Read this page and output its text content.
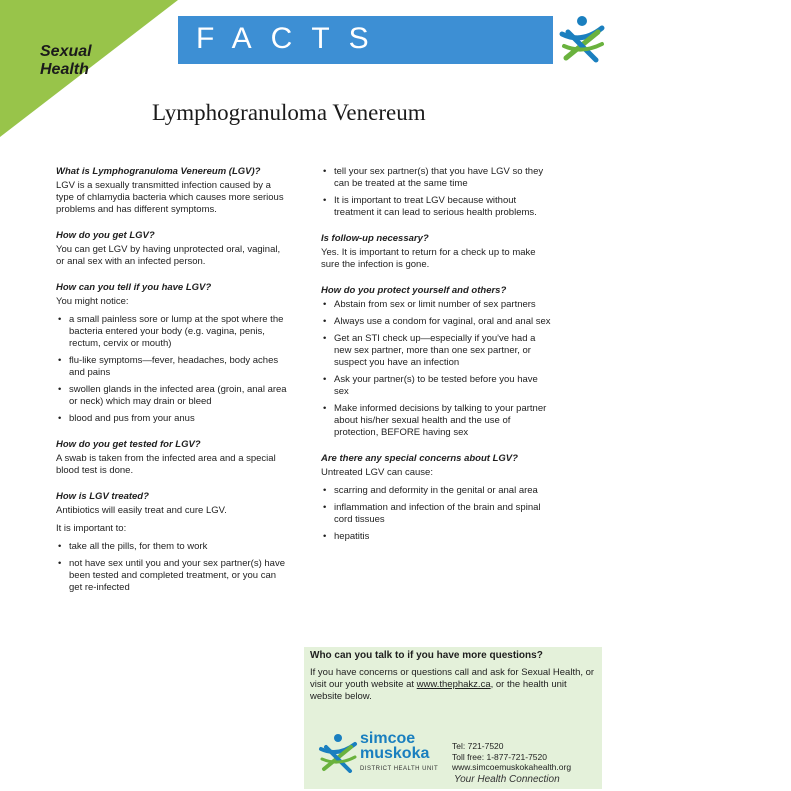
Sexual
Health
FACTS
Lymphogranuloma Venereum
What is Lymphogranuloma Venereum (LGV)?
LGV is a sexually transmitted infection caused by a type of chlamydia bacteria which causes more serious problems and has different symptoms.
How do you get LGV?
You can get LGV by having unprotected oral, vaginal, or anal sex with an infected person.
How can you tell if you have LGV?
You might notice:
• a small painless sore or lump at the spot where the bacteria entered your body (e.g. vagina, penis, rectum, cervix or mouth)
• flu-like symptoms—fever, headaches, body aches and pains
• swollen glands in the infected area (groin, anal area or neck) which may drain or bleed
• blood and pus from your anus
How do you get tested for LGV?
A swab is taken from the infected area and a special blood test is done.
How is LGV treated?
Antibiotics will easily treat and cure LGV.
It is important to:
• take all the pills, for them to work
• not have sex until you and your sex partner(s) have been tested and completed treatment, or you can get re-infected
• tell your sex partner(s) that you have LGV so they can be treated at the same time
• It is important to treat LGV because without treatment it can lead to serious health problems.
Is follow-up necessary?
Yes. It is important to return for a check up to make sure the infection is gone.
How do you protect yourself and others?
• Abstain from sex or limit number of sex partners
• Always use a condom for vaginal, oral and anal sex
• Get an STI check up—especially if you've had a new sex partner, more than one sex partner, or suspect you have an infection
• Ask your partner(s) to be tested before you have sex
• Make informed decisions by talking to your partner about his/her sexual health and the use of protection, BEFORE having sex
Are there any special concerns about LGV?
Untreated LGV can cause:
• scarring and deformity in the genital or anal area
• inflammation and infection of the brain and spinal cord tissues
• hepatitis
Who can you talk to if you have more questions?
If you have concerns or questions call and ask for Sexual Health, or visit our youth website at www.thephakz.ca, or the health unit website below.
simcoe
muskoka
DISTRICT HEALTH UNIT
Tel: 721-7520
Toll free: 1-877-721-7520
www.simcoemuskokahealth.org
Your Health Connection
